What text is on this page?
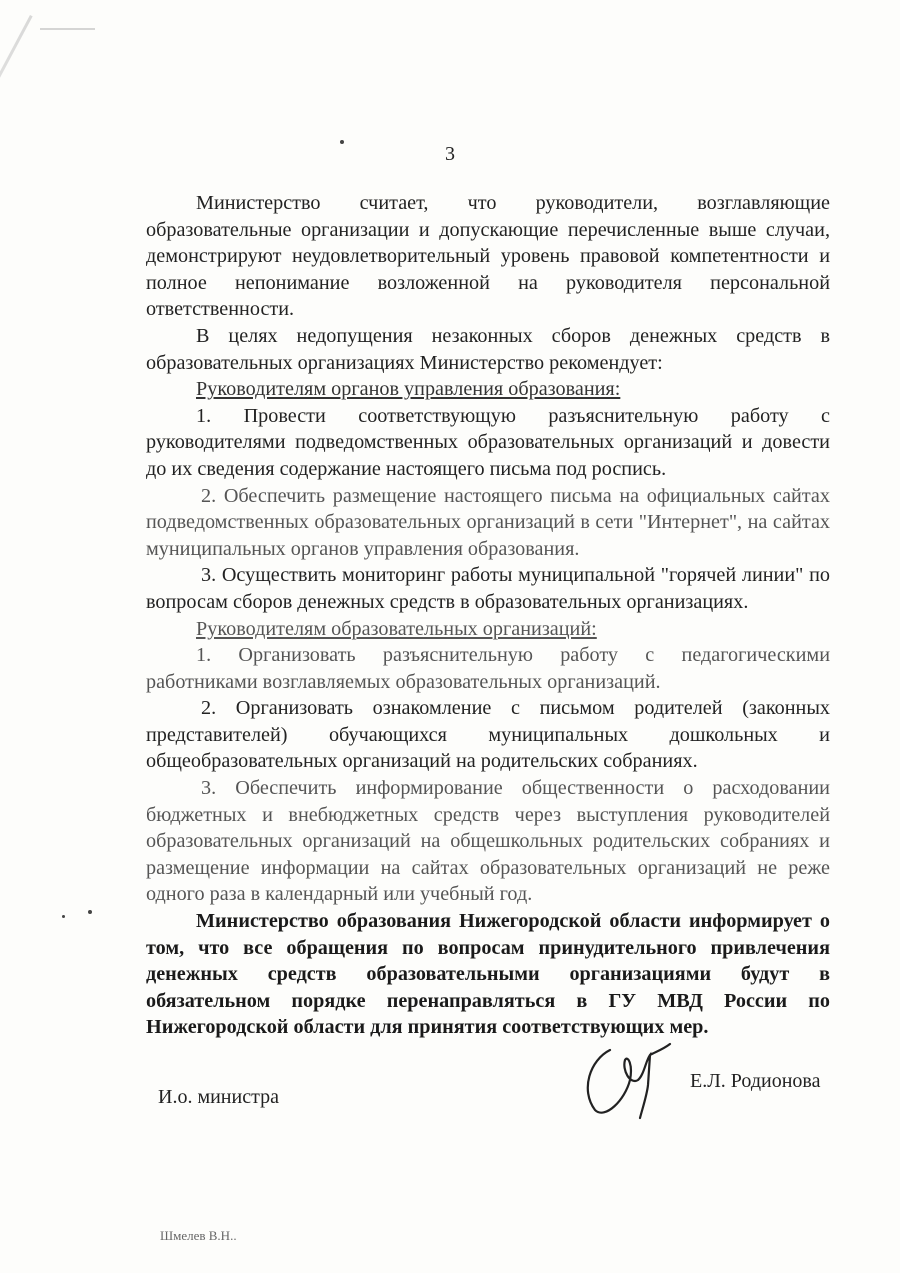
3

Министерство считает, что руководители, возглавляющие образовательные организации и допускающие перечисленные выше случаи, демонстрируют неудовлетворительный уровень правовой компетентности и полное непонимание возложенной на руководителя персональной ответственности.

В целях недопущения незаконных сборов денежных средств в образовательных организациях Министерство рекомендует:

Руководителям органов управления образования:

1. Провести соответствующую разъяснительную работу с руководителями подведомственных образовательных организаций и довести до их сведения содержание настоящего письма под роспись.

2. Обеспечить размещение настоящего письма на официальных сайтах подведомственных образовательных организаций в сети "Интернет", на сайтах муниципальных органов управления образования.

3. Осуществить мониторинг работы муниципальной "горячей линии" по вопросам сборов денежных средств в образовательных организациях.

Руководителям образовательных организаций:

1. Организовать разъяснительную работу с педагогическими работниками возглавляемых образовательных организаций.

2. Организовать ознакомление с письмом родителей (законных представителей) обучающихся муниципальных дошкольных и общеобразовательных организаций на родительских собраниях.

3. Обеспечить информирование общественности о расходовании бюджетных и внебюджетных средств через выступления руководителей образовательных организаций на общешкольных родительских собраниях и размещение информации на сайтах образовательных организаций не реже одного раза в календарный или учебный год.

Министерство образования Нижегородской области информирует о том, что все обращения по вопросам принудительного привлечения денежных средств образовательными организациями будут в обязательном порядке перенаправляться в ГУ МВД России по Нижегородской области для принятия соответствующих мер.

И.о. министра
Е.Л. Родионова
Шмелев В.Н..
